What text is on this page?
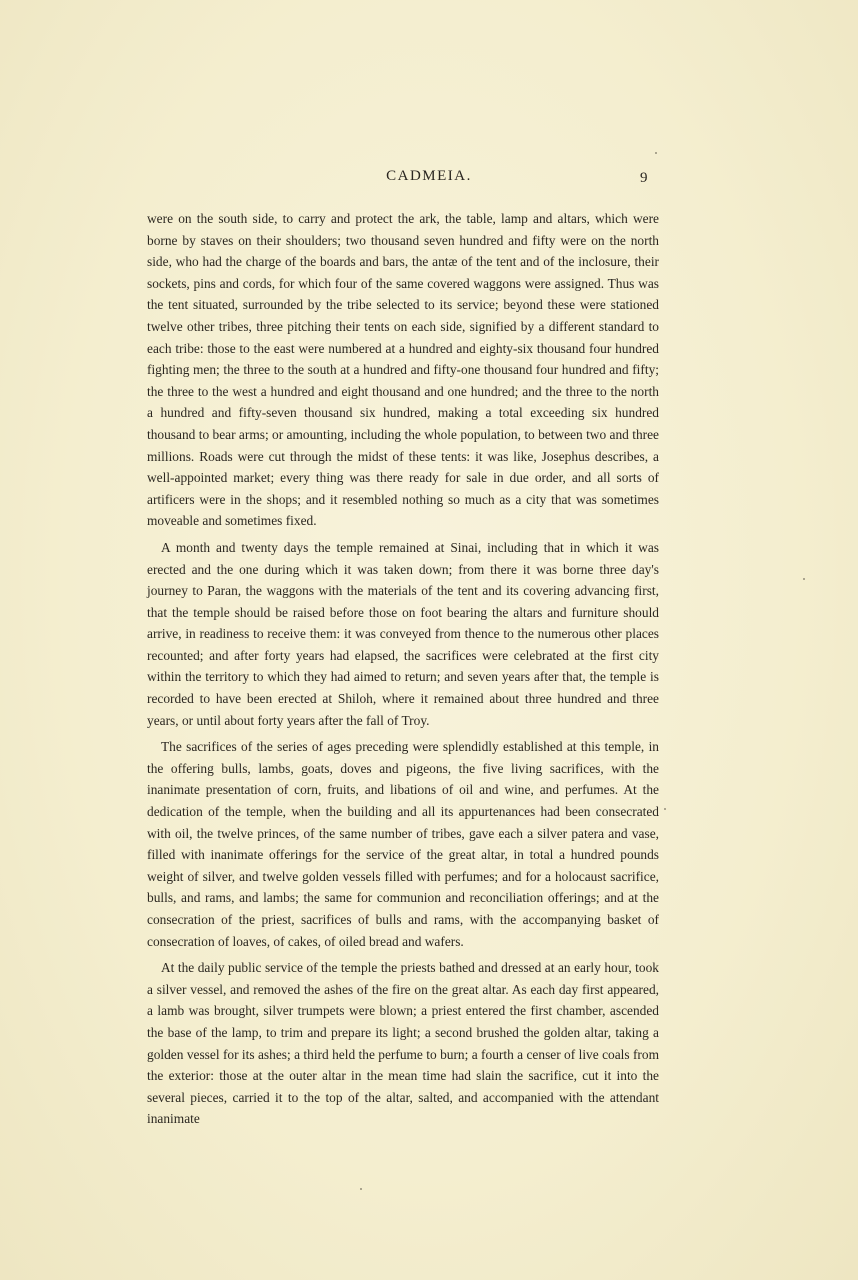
CADMEIA.	9

were on the south side, to carry and protect the ark, the table, lamp and altars, which were borne by staves on their shoulders; two thousand seven hundred and fifty were on the north side, who had the charge of the boards and bars, the antæ of the tent and of the inclosure, their sockets, pins and cords, for which four of the same covered waggons were assigned. Thus was the tent situated, surrounded by the tribe selected to its service; beyond these were stationed twelve other tribes, three pitching their tents on each side, signified by a different standard to each tribe: those to the east were numbered at a hundred and eighty-six thousand four hundred fighting men; the three to the south at a hundred and fifty-one thousand four hundred and fifty; the three to the west a hundred and eight thousand and one hundred; and the three to the north a hundred and fifty-seven thousand six hundred, making a total exceeding six hundred thousand to bear arms; or amounting, including the whole population, to between two and three millions. Roads were cut through the midst of these tents: it was like, Josephus describes, a well-appointed market; every thing was there ready for sale in due order, and all sorts of artificers were in the shops; and it resembled nothing so much as a city that was sometimes moveable and sometimes fixed.

A month and twenty days the temple remained at Sinai, including that in which it was erected and the one during which it was taken down; from there it was borne three day's journey to Paran, the waggons with the materials of the tent and its covering advancing first, that the temple should be raised before those on foot bearing the altars and furniture should arrive, in readiness to receive them: it was conveyed from thence to the numerous other places recounted; and after forty years had elapsed, the sacrifices were celebrated at the first city within the territory to which they had aimed to return; and seven years after that, the temple is recorded to have been erected at Shiloh, where it remained about three hundred and three years, or until about forty years after the fall of Troy.

The sacrifices of the series of ages preceding were splendidly established at this temple, in the offering bulls, lambs, goats, doves and pigeons, the five living sacrifices, with the inanimate presentation of corn, fruits, and libations of oil and wine, and perfumes. At the dedication of the temple, when the building and all its appurtenances had been consecrated with oil, the twelve princes, of the same number of tribes, gave each a silver patera and vase, filled with inanimate offerings for the service of the great altar, in total a hundred pounds weight of silver, and twelve golden vessels filled with perfumes; and for a holocaust sacrifice, bulls, and rams, and lambs; the same for communion and reconciliation offerings; and at the consecration of the priest, sacrifices of bulls and rams, with the accompanying basket of consecration of loaves, of cakes, of oiled bread and wafers.

At the daily public service of the temple the priests bathed and dressed at an early hour, took a silver vessel, and removed the ashes of the fire on the great altar. As each day first appeared, a lamb was brought, silver trumpets were blown; a priest entered the first chamber, ascended the base of the lamp, to trim and prepare its light; a second brushed the golden altar, taking a golden vessel for its ashes; a third held the perfume to burn; a fourth a censer of live coals from the exterior: those at the outer altar in the mean time had slain the sacrifice, cut it into the several pieces, carried it to the top of the altar, salted, and accompanied with the attendant inanimate
